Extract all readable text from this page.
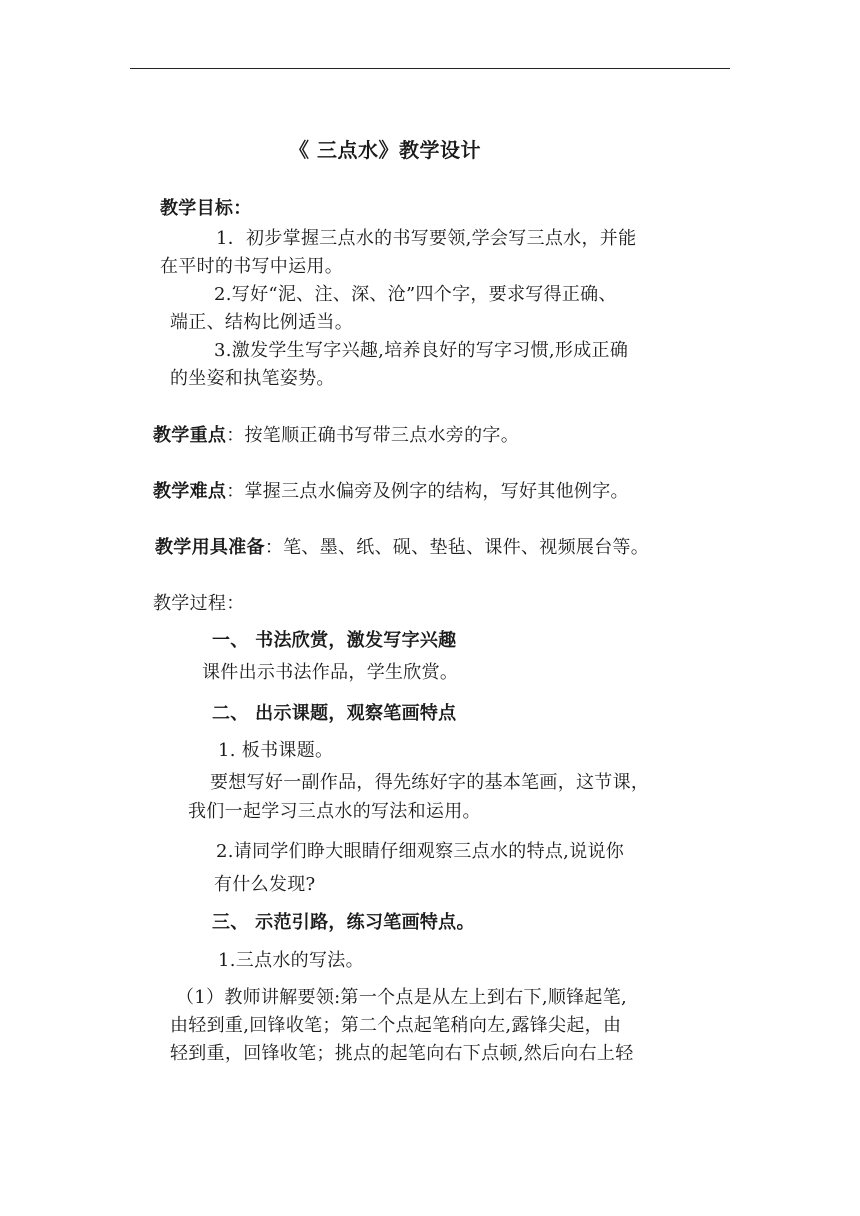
《 三点水》教学设计
教学目标：
1．初步掌握三点水的书写要领,学会写三点水，并能
在平时的书写中运用。
2.写好“泥、注、深、沧”四个字，要求写得正确、
端正、结构比例适当。
3.激发学生写字兴趣,培养良好的写字习惯,形成正确
的坐姿和执笔姿势。
教学重点：按笔顺正确书写带三点水旁的字。
教学难点：掌握三点水偏旁及例字的结构，写好其他例字。
教学用具准备：笔、墨、纸、砚、垫毡、课件、视频展台等。
教学过程：
一、 书法欣赏，激发写字兴趣
课件出示书法作品，学生欣赏。
二、 出示课题，观察笔画特点
1. 板书课题。
要想写好一副作品，得先练好字的基本笔画，这节课，
我们一起学习三点水的写法和运用。
2.请同学们睁大眼睛仔细观察三点水的特点,说说你
有什么发现?
三、 示范引路，练习笔画特点。
1.三点水的写法。
（1）教师讲解要领:第一个点是从左上到右下,顺锋起笔,
由轻到重,回锋收笔；第二个点起笔稍向左,露锋尖起，由
轻到重，回锋收笔；挑点的起笔向右下点顿,然后向右上轻
